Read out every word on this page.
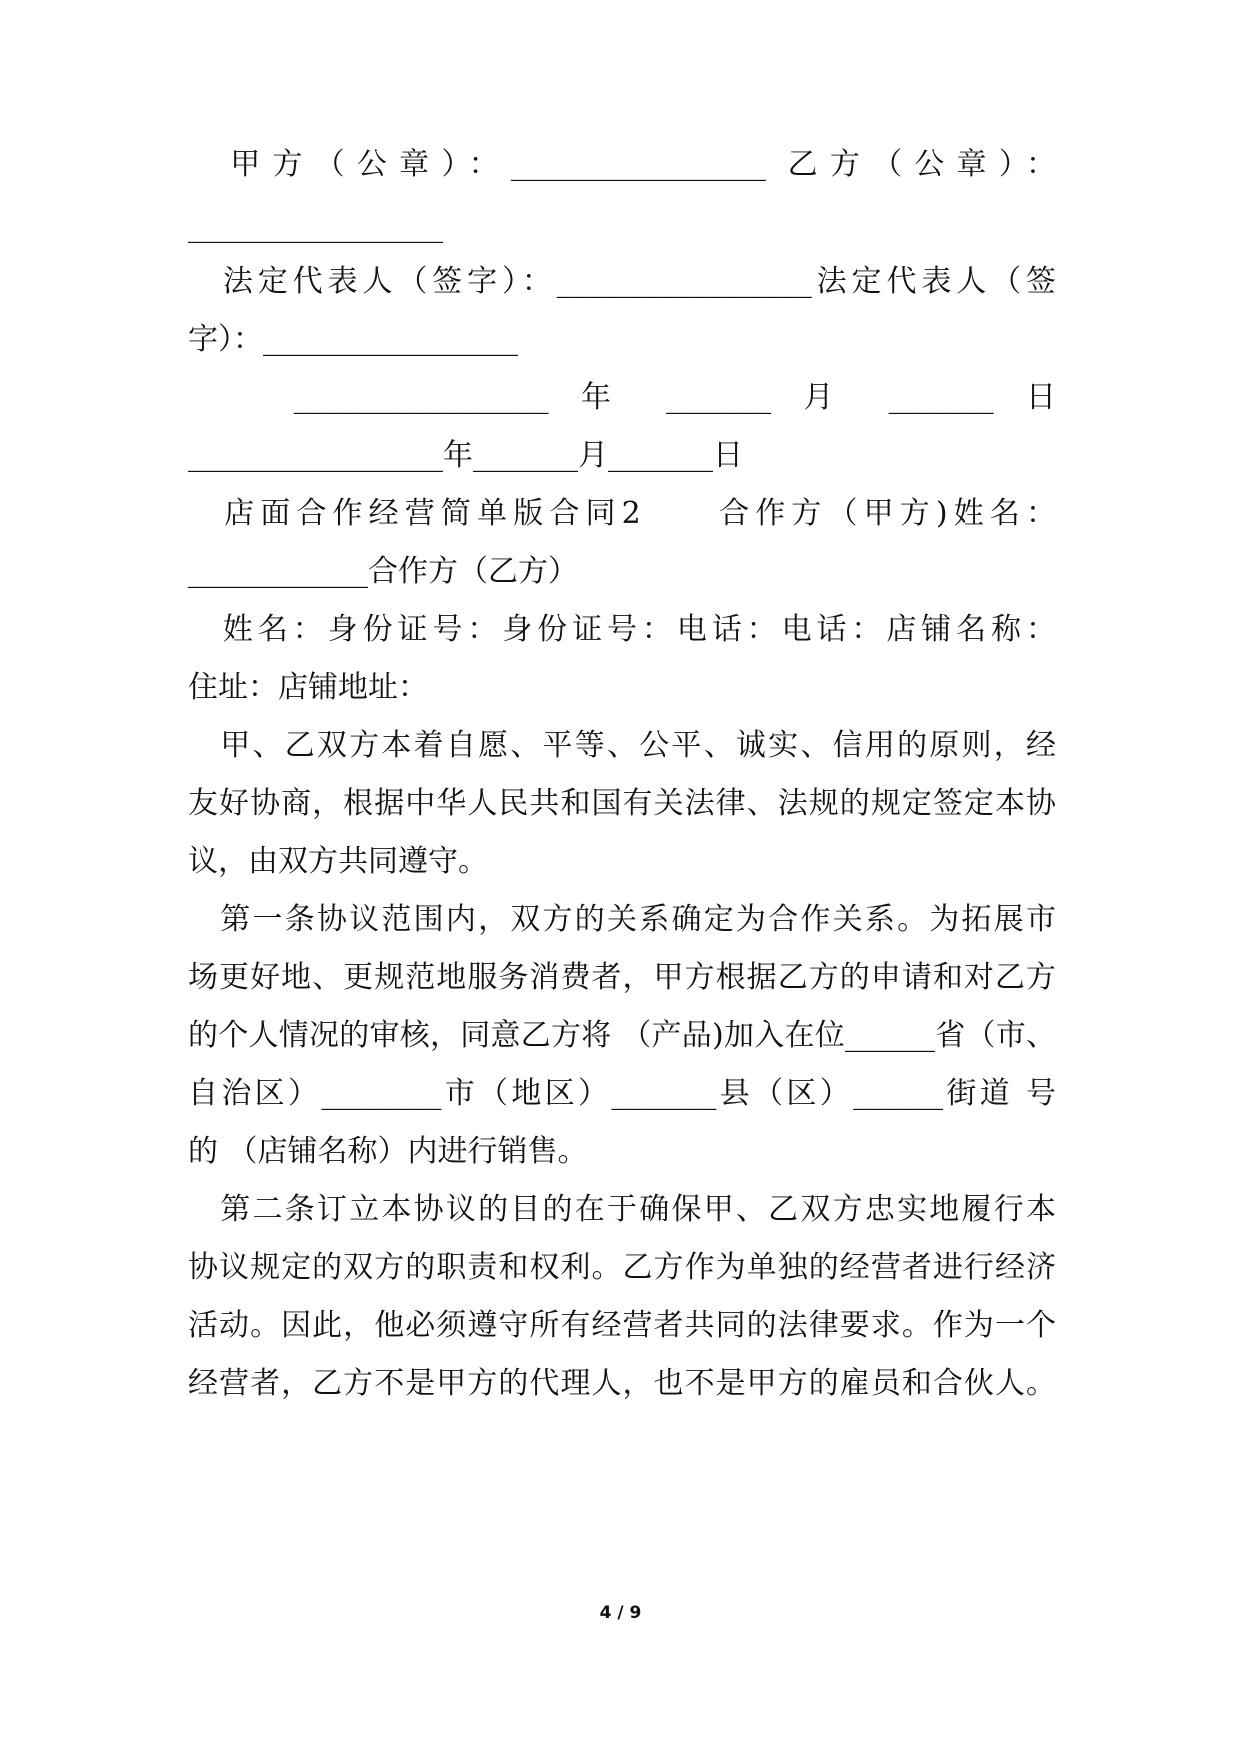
　甲方（公章）：_________________ 乙方（公章）：

_________________

　法定代表人（签字）：_________________法定代表人（签

字）：_________________

　　_________________ 年 _______ 月 _______ 日

_________________年_______月_______日

　店面合作经营简单版合同2　　合作方（甲方)姓名：

____________合作方（乙方）

　姓名：身份证号：身份证号：电话：电话：店铺名称：

住址：店铺地址：

　甲、乙双方本着自愿、平等、公平、诚实、信用的原则，经

友好协商，根据中华人民共和国有关法律、法规的规定签定本协

议，由双方共同遵守。

　第一条协议范围内，双方的关系确定为合作关系。为拓展市

场更好地、更规范地服务消费者，甲方根据乙方的申请和对乙方

的个人情况的审核，同意乙方将 （产品)加入在位______省（市、

自治区）________市（地区）_______县（区）______街道 号

的 （店铺名称）内进行销售。

　第二条订立本协议的目的在于确保甲、乙双方忠实地履行本

协议规定的双方的职责和权利。乙方作为单独的经营者进行经济

活动。因此，他必须遵守所有经营者共同的法律要求。作为一个

经营者，乙方不是甲方的代理人，也不是甲方的雇员和合伙人。

4 / 9
